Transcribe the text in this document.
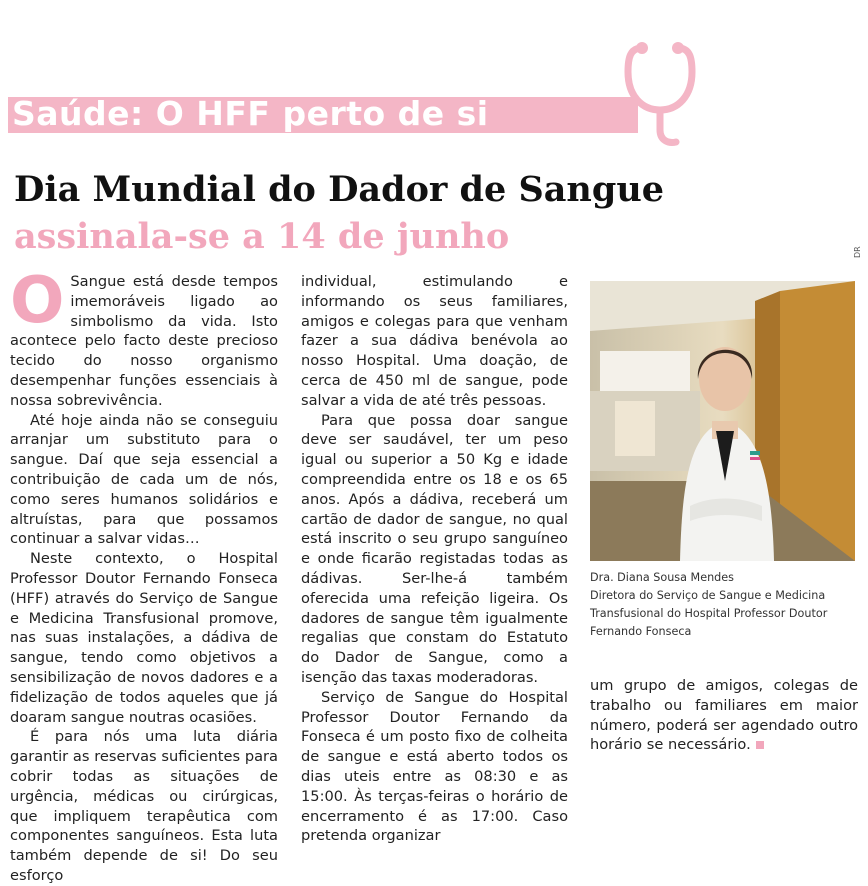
Saúde: O HFF perto de si
Dia Mundial do Dador de Sangue
assinala-se a 14 de junho

O Sangue está desde tempos imemoráveis ligado ao simbolismo da vida. Isto acontece pelo facto deste precioso tecido do nosso organismo desempenhar funções essenciais à nossa sobrevivência.

Até hoje ainda não se conseguiu arranjar um substituto para o sangue. Daí que seja essencial a contribuição de cada um de nós, como seres humanos solidários e altruístas, para que possamos continuar a salvar vidas…

Neste contexto, o Hospital Professor Doutor Fernando Fonseca (HFF) através do Serviço de Sangue e Medicina Transfusional promove, nas suas instalações, a dádiva de sangue, tendo como objetivos a sensibilização de novos dadores e a fidelização de todos aqueles que já doaram sangue noutras ocasiões.

É para nós uma luta diária garantir as reservas suficientes para cobrir todas as situações de urgência, médicas ou cirúrgicas, que impliquem terapêutica com componentes sanguíneos. Esta luta também depende de si! Do seu esforço

individual, estimulando e informando os seus familiares, amigos e colegas para que venham fazer a sua dádiva benévola ao nosso Hospital. Uma doação, de cerca de 450 ml de sangue, pode salvar a vida de até três pessoas.

Para que possa doar sangue deve ser saudável, ter um peso igual ou superior a 50 Kg e idade compreendida entre os 18 e os 65 anos. Após a dádiva, receberá um cartão de dador de sangue, no qual está inscrito o seu grupo sanguíneo e onde ficarão registadas todas as dádivas. Ser-lhe-á também oferecida uma refeição ligeira. Os dadores de sangue têm igualmente regalias que constam do Estatuto do Dador de Sangue, como a isenção das taxas moderadoras.

Serviço de Sangue do Hospital Professor Doutor Fernando da Fonseca é um posto fixo de colheita de sangue e está aberto todos os dias uteis entre as 08:30 e as 15:00. Às terças-feiras o horário de encerramento é as 17:00. Caso pretenda organizar

DR
Dra. Diana Sousa Mendes
Diretora do Serviço de Sangue e Medicina
Transfusional do Hospital Professor Doutor
Fernando Fonseca

um grupo de amigos, colegas de trabalho ou familiares em maior número, poderá ser agendado outro horário se necessário.
